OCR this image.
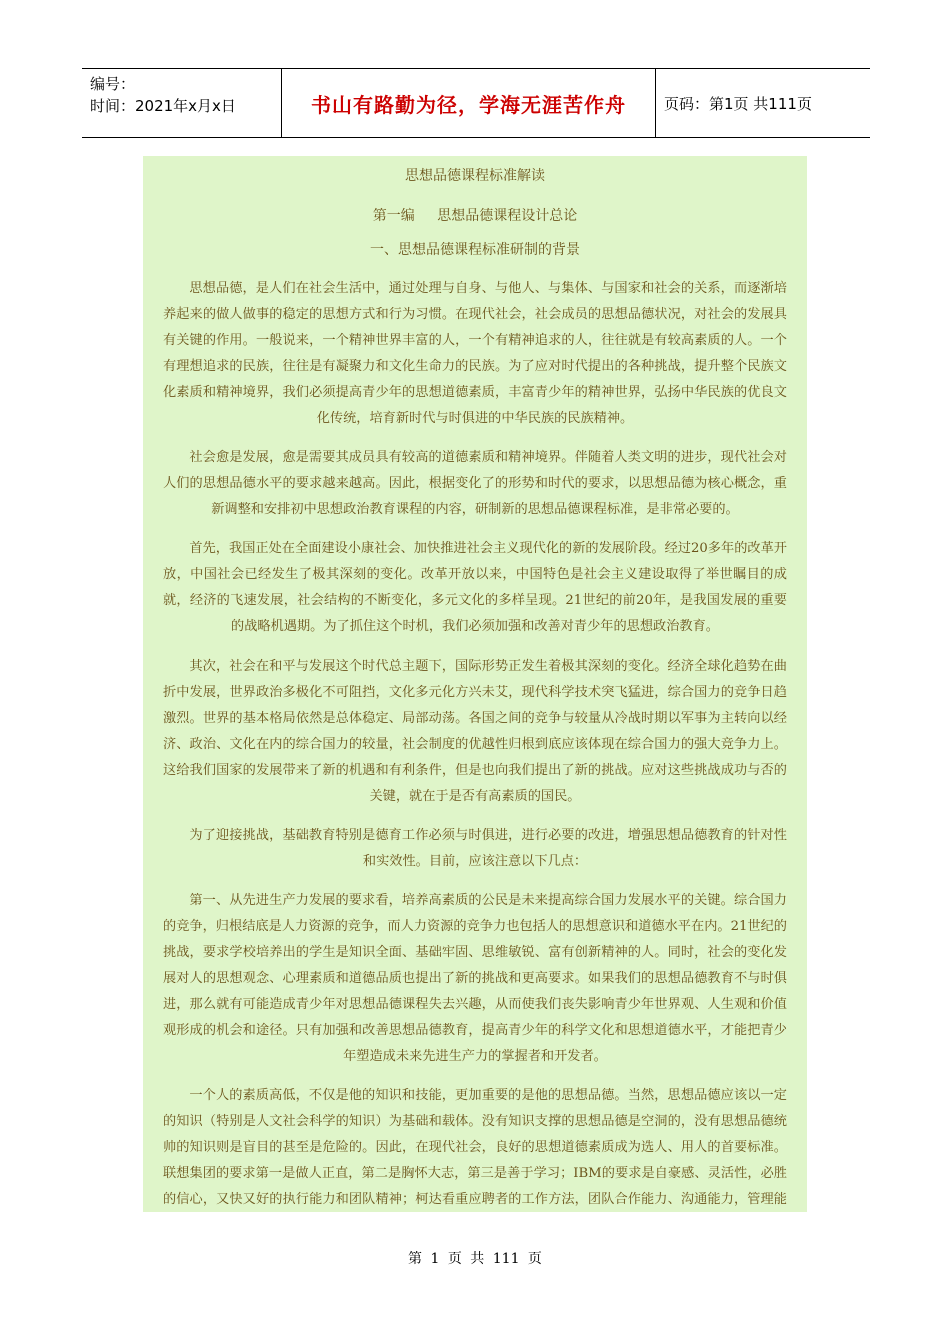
编号：
时间：2021年x月x日	书山有路勤为径，学海无涯苦作舟	页码：第1页 共111页
思想品德课程标准解读
第一编 思想品德课程设计总论
一、思想品德课程标准研制的背景

思想品德，是人们在社会生活中，通过处理与自身、与他人、与集体、与国家和社会的关系，而逐渐培养起来的做人做事的稳定的思想方式和行为习惯。在现代社会，社会成员的思想品德状况，对社会的发展具有关键的作用。一般说来，一个精神世界丰富的人，一个有精神追求的人，往往就是有较高素质的人。一个有理想追求的民族，往往是有凝聚力和文化生命力的民族。为了应对时代提出的各种挑战，提升整个民族文化素质和精神境界，我们必须提高青少年的思想道德素质，丰富青少年的精神世界，弘扬中华民族的优良文化传统，培育新时代与时俱进的中华民族的民族精神。

社会愈是发展，愈是需要其成员具有较高的道德素质和精神境界。伴随着人类文明的进步，现代社会对人们的思想品德水平的要求越来越高。因此，根据变化了的形势和时代的要求，以思想品德为核心概念，重新调整和安排初中思想政治教育课程的内容，研制新的思想品德课程标准，是非常必要的。

首先，我国正处在全面建设小康社会、加快推进社会主义现代化的新的发展阶段。经过20多年的改革开放，中国社会已经发生了极其深刻的变化。改革开放以来，中国特色是社会主义建设取得了举世瞩目的成就，经济的飞速发展，社会结构的不断变化，多元文化的多样呈现。21世纪的前20年，是我国发展的重要的战略机遇期。为了抓住这个时机，我们必须加强和改善对青少年的思想政治教育。

其次，社会在和平与发展这个时代总主题下，国际形势正发生着极其深刻的变化。经济全球化趋势在曲折中发展，世界政治多极化不可阻挡，文化多元化方兴未艾，现代科学技术突飞猛进，综合国力的竞争日趋激烈。世界的基本格局依然是总体稳定、局部动荡。各国之间的竞争与较量从冷战时期以军事为主转向以经济、政治、文化在内的综合国力的较量，社会制度的优越性归根到底应该体现在综合国力的强大竞争力上。这给我们国家的发展带来了新的机遇和有利条件，但是也向我们提出了新的挑战。应对这些挑战成功与否的关键，就在于是否有高素质的国民。

为了迎接挑战，基础教育特别是德育工作必须与时俱进，进行必要的改进，增强思想品德教育的针对性和实效性。目前，应该注意以下几点：

第一、从先进生产力发展的要求看，培养高素质的公民是未来提高综合国力发展水平的关键。综合国力的竞争，归根结底是人力资源的竞争，而人力资源的竞争力也包括人的思想意识和道德水平在内。21世纪的挑战，要求学校培养出的学生是知识全面、基础牢固、思维敏锐、富有创新精神的人。同时，社会的变化发展对人的思想观念、心理素质和道德品质也提出了新的挑战和更高要求。如果我们的思想品德教育不与时俱进，那么就有可能造成青少年对思想品德课程失去兴趣，从而使我们丧失影响青少年世界观、人生观和价值观形成的机会和途径。只有加强和改善思想品德教育，提高青少年的科学文化和思想道德水平，才能把青少年塑造成未来先进生产力的掌握者和开发者。

一个人的素质高低，不仅是他的知识和技能，更加重要的是他的思想品德。当然，思想品德应该以一定的知识（特别是人文社会科学的知识）为基础和载体。没有知识支撑的思想品德是空洞的，没有思想品德统帅的知识则是盲目的甚至是危险的。因此，在现代社会，良好的思想道德素质成为选人、用人的首要标准。联想集团的要求第一是做人正直，第二是胸怀大志，第三是善于学习；IBM的要求是自豪感、灵活性，必胜的信心，又快又好的执行能力和团队精神；柯达看重应聘者的工作方法，团队合作能力、沟通能力，管理能

第 1 页 共 111 页
